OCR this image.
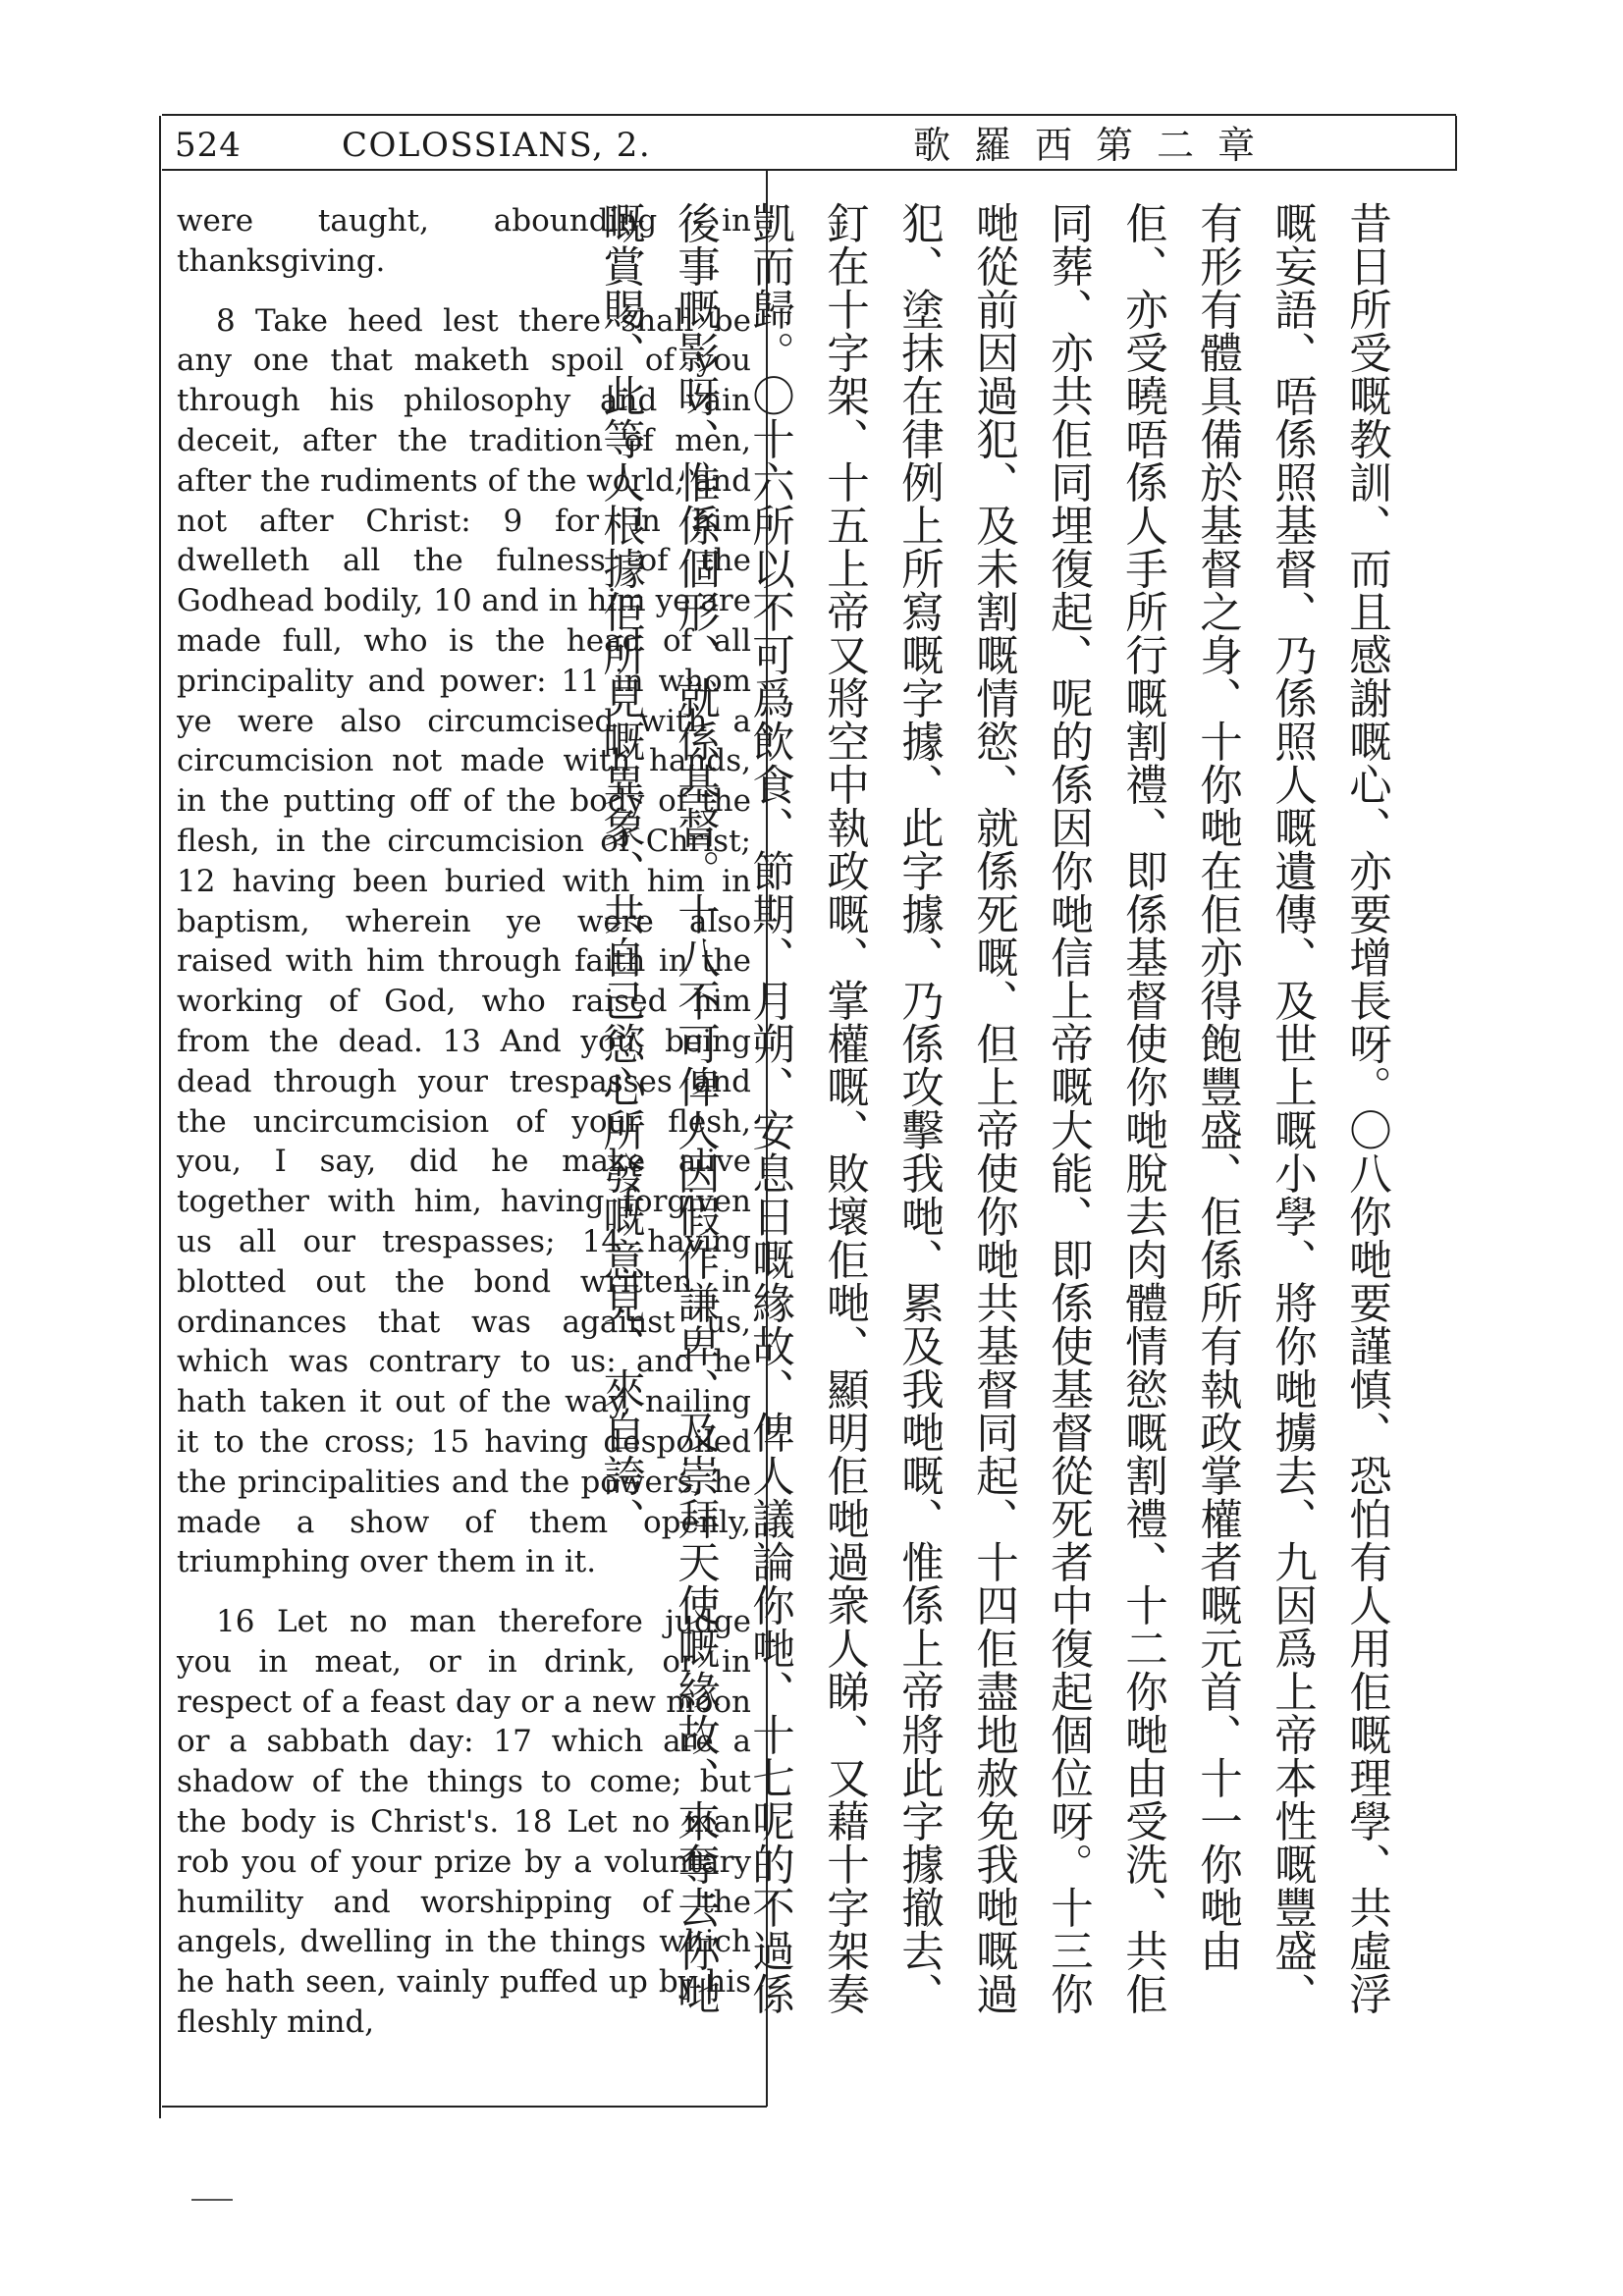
524	COLOSSIANS, 2.	歌羅西第二章

were taught, abounding in thanksgiving.

8 Take heed lest there shall be any one that maketh spoil of you through his philosophy and vain deceit, after the tradition of men, after the rudiments of the world, and not after Christ: 9 for in him dwelleth all the fulness of the Godhead bodily, 10 and in him ye are made full, who is the head of all principality and power: 11 in whom ye were also circumcised with a circumcision not made with hands, in the putting off of the body of the flesh, in the circumcision of Christ; 12 having been buried with him in baptism, wherein ye were also raised with him through faith in the working of God, who raised him from the dead. 13 And you, being dead through your trespasses and the uncircumcision of your flesh, you, I say, did he make alive together with him, having forgiven us all our trespasses; 14 having blotted out the bond written in ordinances that was against us, which was contrary to us: and he hath taken it out of the way, nailing it to the cross; 15 having despoiled the principalities and the powers, he made a show of them openly, triumphing over them in it.

16 Let no man therefore judge you in meat, or in drink, or in respect of a feast day or a new moon or a sabbath day: 17 which are a shadow of the things to come; but the body is Christ's. 18 Let no man rob you of your prize by a voluntary humility and worshipping of the angels, dwelling in the things which he hath seen, vainly puffed up by his fleshly mind,

昔日所受嘅教訓、而且感謝嘅心、亦要增長呀。〇八你哋要謹慎、恐怕有人用佢嘅理學、共虛浮嘅妄語、唔係照基督、乃係照人嘅遺傳、及世上嘅小學、將你哋擄去、九因爲上帝本性嘅豐盛、有形有體具備於基督之身、十你哋在佢亦得飽豐盛、佢係所有執政掌權者嘅元首、十一你哋由佢、亦受曉唔係人手所行嘅割禮、即係基督使你哋脫去肉體情慾嘅割禮、十二你哋由受洗、共佢同葬、亦共佢同埋復起、呢的係因你哋信上帝嘅大能、即係使基督從死者中復起個位呀。十三你哋從前因過犯、及未割嘅情慾、就係死嘅、但上帝使你哋共基督同起、十四佢盡地赦免我哋嘅過犯、塗抹在律例上所寫嘅字據、此字據、乃係攻擊我哋、累及我哋嘅、惟係上帝將此字據撤去、釘在十字架、十五上帝又將空中執政嘅、掌權嘅、敗壞佢哋、顯明佢哋過衆人睇、又藉十字架奏凱而歸。〇十六所以不可爲飲食、節期、月朔、安息日嘅緣故、俾人議論你哋、十七呢的不過係後事嘅影呀、惟係個形、就係基督。十八不可俾人因假作謙卑、及崇拜天使嘅緣故、來奪去你哋嘅賞賜、此等人根據佢所見嘅異象、共自己慾心所發嘅意見、來自誇、
